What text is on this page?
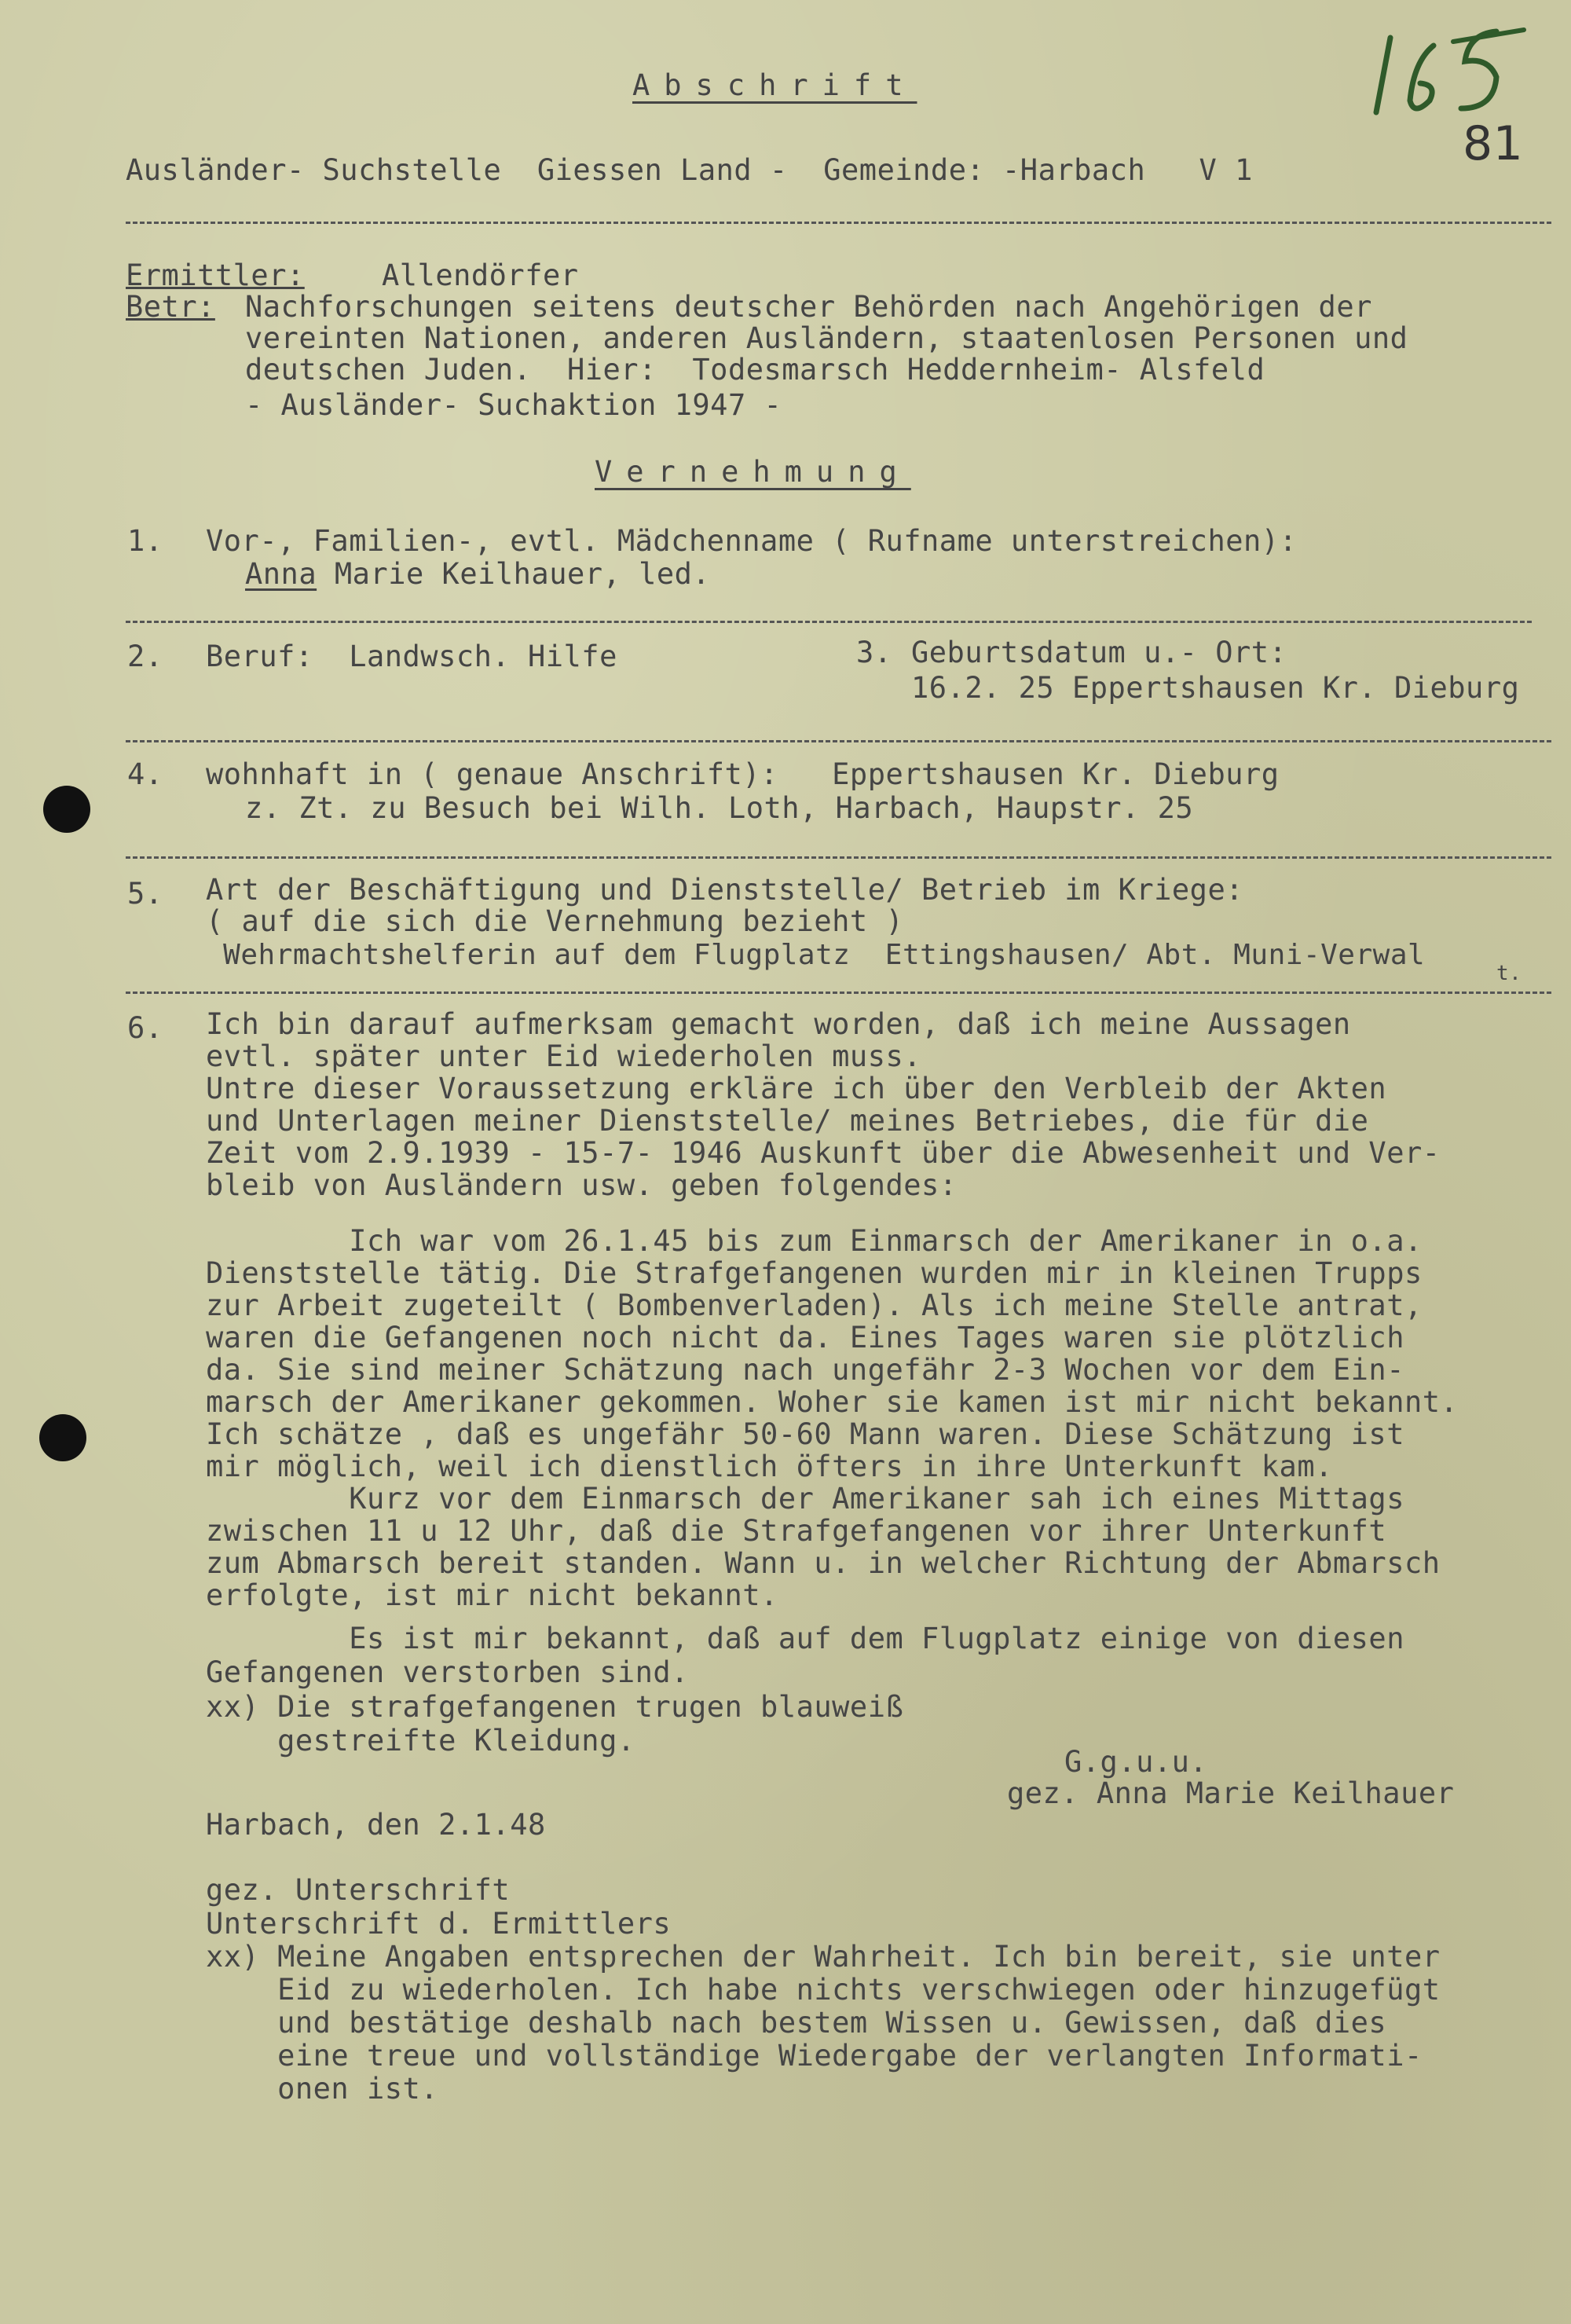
Abschrift
81
Ausländer- Suchstelle  Giessen Land -  Gemeinde: -Harbach   V 1
Ermittler:	Allendörfer
Betr: Nachforschungen seitens deutscher Behörden nach Angehörigen der
vereinten Nationen, anderen Ausländern, staatenlosen Personen und
deutschen Juden.  Hier:  Todesmarsch Heddernheim- Alsfeld
- Ausländer- Suchaktion 1947 -
Vernehmung
1. Vor-, Familien-, evtl. Mädchenname ( Rufname unterstreichen):
Anna Marie Keilhauer, led.
2. Beruf:  Landwsch. Hilfe	3. Geburtsdatum u.- Ort:
16.2. 25 Eppertshausen Kr. Dieburg
4. wohnhaft in ( genaue Anschrift):   Eppertshausen Kr. Dieburg
z. Zt. zu Besuch bei Wilh. Loth, Harbach, Haupstr. 25
5. Art der Beschäftigung und Dienststelle/ Betrieb im Kriege:
( auf die sich die Vernehmung bezieht )
Wehrmachtshelferin auf dem Flugplatz  Ettingshausen/ Abt. Muni-Verwal
t.
6. Ich bin darauf aufmerksam gemacht worden, daß ich meine Aussagen
evtl. später unter Eid wiederholen muss.
Untre dieser Voraussetzung erkläre ich über den Verbleib der Akten
und Unterlagen meiner Dienststelle/ meines Betriebes, die für die
Zeit vom 2.9.1939 - 15-7- 1946 Auskunft über die Abwesenheit und Ver-
bleib von Ausländern usw. geben folgendes:
Ich war vom 26.1.45 bis zum Einmarsch der Amerikaner in o.a.
Dienststelle tätig. Die Strafgefangenen wurden mir in kleinen Trupps
zur Arbeit zugeteilt ( Bombenverladen). Als ich meine Stelle antrat,
waren die Gefangenen noch nicht da. Eines Tages waren sie plötzlich
da. Sie sind meiner Schätzung nach ungefähr 2-3 Wochen vor dem Ein-
marsch der Amerikaner gekommen. Woher sie kamen ist mir nicht bekannt.
Ich schätze , daß es ungefähr 50-60 Mann waren. Diese Schätzung ist
mir möglich, weil ich dienstlich öfters in ihre Unterkunft kam.
Kurz vor dem Einmarsch der Amerikaner sah ich eines Mittags
zwischen 11 u 12 Uhr, daß die Strafgefangenen vor ihrer Unterkunft
zum Abmarsch bereit standen. Wann u. in welcher Richtung der Abmarsch
erfolgte, ist mir nicht bekannt.
Es ist mir bekannt, daß auf dem Flugplatz einige von diesen
Gefangenen verstorben sind.
xx) Die strafgefangenen trugen blauweiß
gestreifte Kleidung.
G.g.u.u.
gez. Anna Marie Keilhauer
Harbach, den 2.1.48
gez. Unterschrift
Unterschrift d. Ermittlers
xx) Meine Angaben entsprechen der Wahrheit. Ich bin bereit, sie unter
Eid zu wiederholen. Ich habe nichts verschwiegen oder hinzugefügt
und bestätige deshalb nach bestem Wissen u. Gewissen, daß dies
eine treue und vollständige Wiedergabe der verlangten Informati-
onen ist.
